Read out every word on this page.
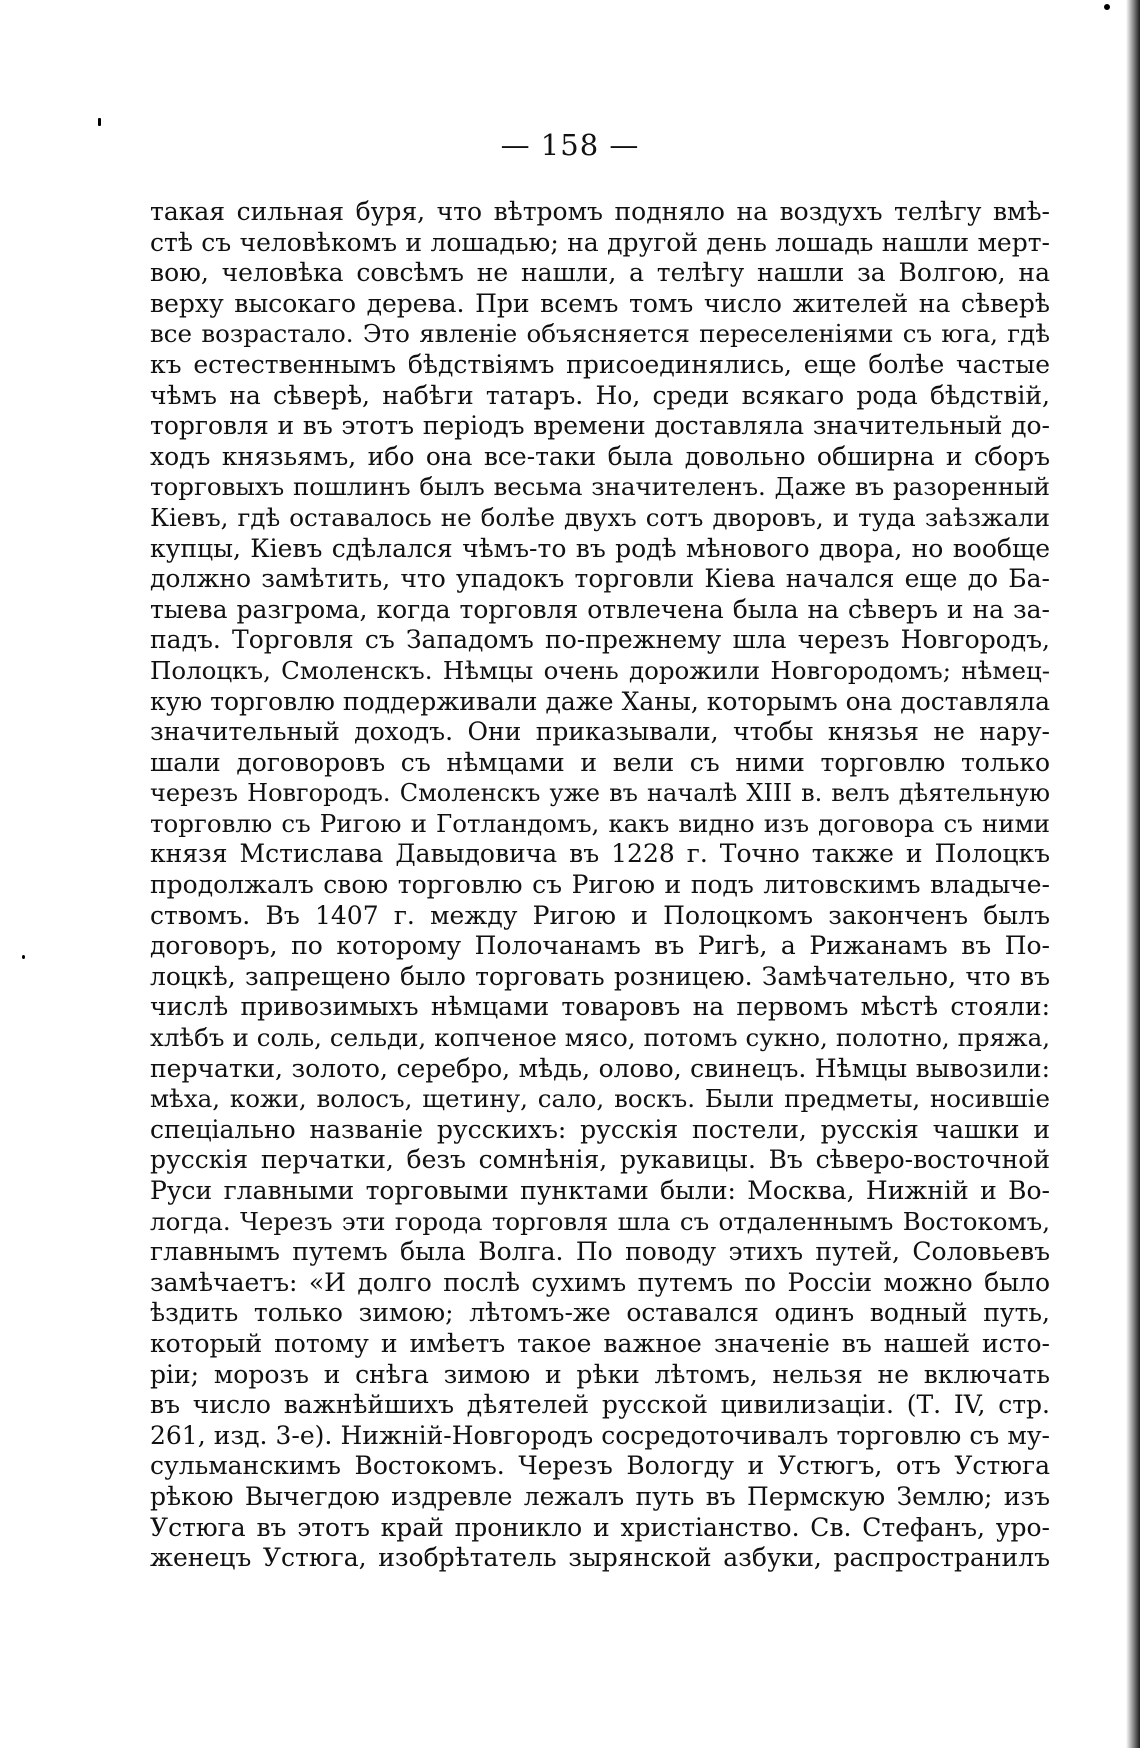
— 158 —
такая сильная буря, что вѣтромъ подняло на воздухъ телѣгу вмѣ-
стѣ съ человѣкомъ и лошадью; на другой день лошадь нашли мерт-
вою, человѣка совсѣмъ не нашли, а телѣгу нашли за Волгою, на
верху высокаго дерева. При всемъ томъ число жителей на сѣверѣ
все возрастало. Это явленіе объясняется переселеніями съ юга, гдѣ
къ естественнымъ бѣдствіямъ присоединялись, еще болѣе частые
чѣмъ на сѣверѣ, набѣги татаръ. Но, среди всякаго рода бѣдствій,
торговля и въ этотъ періодъ времени доставляла значительный до-
ходъ князьямъ, ибо она все-таки была довольно обширна и сборъ
торговыхъ пошлинъ былъ весьма значителенъ. Даже въ разоренный
Кіевъ, гдѣ оставалось не болѣе двухъ сотъ дворовъ, и туда заѣзжали
купцы, Кіевъ сдѣлался чѣмъ-то въ родѣ мѣнового двора, но вообще
должно замѣтить, что упадокъ торговли Кіева начался еще до Ба-
тыева разгрома, когда торговля отвлечена была на сѣверъ и на за-
падъ. Торговля съ Западомъ по-прежнему шла черезъ Новгородъ,
Полоцкъ, Смоленскъ. Нѣмцы очень дорожили Новгородомъ; нѣмец-
кую торговлю поддерживали даже Ханы, которымъ она доставляла
значительный доходъ. Они приказывали, чтобы князья не нару-
шали договоровъ съ нѣмцами и вели съ ними торговлю только
черезъ Новгородъ. Смоленскъ уже въ началѣ XIII в. велъ дѣятельную
торговлю съ Ригою и Готландомъ, какъ видно изъ договора съ ними
князя Мстислава Давыдовича въ 1228 г. Точно также и Полоцкъ
продолжалъ свою торговлю съ Ригою и подъ литовскимъ владыче-
ствомъ. Въ 1407 г. между Ригою и Полоцкомъ законченъ былъ
договоръ, по которому Полочанамъ въ Ригѣ, а Рижанамъ въ По-
лоцкѣ, запрещено было торговать розницею. Замѣчательно, что въ
числѣ привозимыхъ нѣмцами товаровъ на первомъ мѣстѣ стояли:
хлѣбъ и соль, сельди, копченое мясо, потомъ сукно, полотно, пряжа,
перчатки, золото, серебро, мѣдь, олово, свинецъ. Нѣмцы вывозили:
мѣха, кожи, волосъ, щетину, сало, воскъ. Были предметы, носившіе
спеціально названіе русскихъ: русскія постели, русскія чашки и
русскія перчатки, безъ сомнѣнія, рукавицы. Въ сѣверо-восточной
Руси главными торговыми пунктами были: Москва, Нижній и Во-
логда. Черезъ эти города торговля шла съ отдаленнымъ Востокомъ,
главнымъ путемъ была Волга. По поводу этихъ путей, Соловьевъ
замѣчаетъ: «И долго послѣ сухимъ путемъ по Россіи можно было
ѣздить только зимою; лѣтомъ-же оставался одинъ водный путь,
который потому и имѣетъ такое важное значеніе въ нашей исто-
ріи; морозъ и снѣга зимою и рѣки лѣтомъ, нельзя не включать
въ число важнѣйшихъ дѣятелей русской цивилизаціи. (Т. IV, стр.
261, изд. 3-е). Нижній-Новгородъ сосредоточивалъ торговлю съ му-
сульманскимъ Востокомъ. Черезъ Вологду и Устюгъ, отъ Устюга
рѣкою Вычегдою издревле лежалъ путь въ Пермскую Землю; изъ
Устюга въ этотъ край проникло и христіанство. Св. Стефанъ, уро-
женецъ Устюга, изобрѣтатель зырянской азбуки, распространилъ
